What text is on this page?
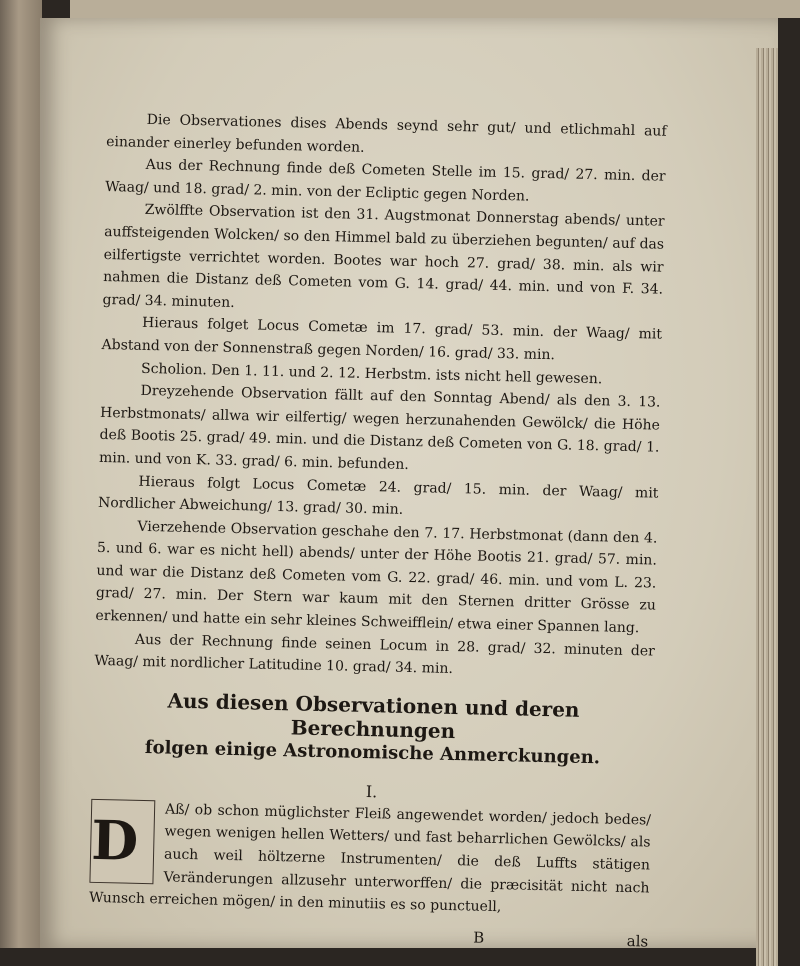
Die Observationes dises Abends seynd sehr gut/ und etlichmahl auf einander einerley befunden worden.

Aus der Rechnung finde deß Cometen Stelle im 15. grad/ 27. min. der Waag/ und 18. grad/ 2. min. von der Ecliptic gegen Norden.

Zwölffte Observation ist den 31. Augstmonat Donnerstag abends/ unter auffsteigenden Wolcken/ so den Himmel bald zu überziehen begunten/ auf das eilfertigste verrichtet worden. Bootes war hoch 27. grad/ 38. min. als wir nahmen die Distanz deß Cometen vom G. 14. grad/ 44. min. und von F. 34. grad/ 34. minuten.

Hieraus folget Locus Cometæ im 17. grad/ 53. min. der Waag/ mit Abstand von der Sonnenstraß gegen Norden/ 16. grad/ 33. min.

Scholion. Den 1. 11. und 2. 12. Herbstm. ists nicht hell gewesen.

Dreyzehende Observation fällt auf den Sonntag Abend/ als den 3. 13. Herbstmonats/ allwa wir eilfertig/ wegen herzunahenden Gewölck/ die Höhe deß Bootis 25. grad/ 49. min. und die Distanz deß Cometen von G. 18. grad/ 1. min. und von K. 33. grad/ 6. min. befunden.

Hieraus folgt Locus Cometæ 24. grad/ 15. min. der Waag/ mit Nordlicher Abweichung/ 13. grad/ 30. min.

Vierzehende Observation geschahe den 7. 17. Herbstmonat (dann den 4. 5. und 6. war es nicht hell) abends/ unter der Höhe Bootis 21. grad/ 57. min. und war die Distanz deß Cometen vom G. 22. grad/ 46. min. und vom L. 23. grad/ 27. min. Der Stern war kaum mit den Sternen dritter Grösse zu erkennen/ und hatte ein sehr kleines Schweifflein/ etwa einer Spannen lang.

Aus der Rechnung finde seinen Locum in 28. grad/ 32. minuten der Waag/ mit nordlicher Latitudine 10. grad/ 34. min.

Aus diesen Observationen und deren Berechnungen
folgen einige Astronomische Anmerckungen.
I.

D	Aß/ ob schon müglichster Fleiß angewendet worden/ jedoch bedes/ wegen wenigen hellen Wetters/ und fast beharrlichen Gewölcks/ als auch weil höltzerne Instrumenten/ die deß Luffts stätigen Veränderungen allzusehr unterworffen/ die præcisität nicht nach Wunsch erreichen mögen/ in den minutiis es so punctuell,

B	als
